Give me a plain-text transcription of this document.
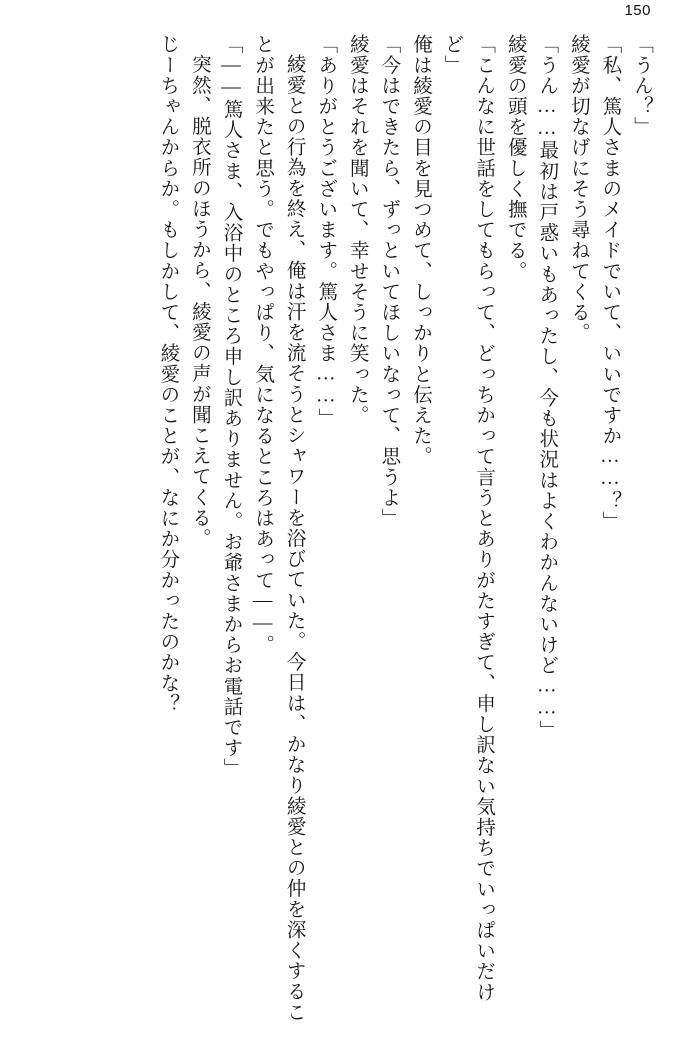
150

「うん？」

「私、篤人さまのメイドでいて、いいですか……？」

綾愛が切なげにそう尋ねてくる。

「うん……最初は戸惑いもあったし、今も状況はよくわかんないけど……」

綾愛の頭を優しく撫でる。

「こんなに世話をしてもらって、どっちかって言うとありがたすぎて、申し訳ない気持ちでいっぱいだけど」

俺は綾愛の目を見つめて、しっかりと伝えた。

「今はできたら、ずっといてほしいなって、思うよ」

綾愛はそれを聞いて、幸せそうに笑った。

「ありがとうございます。篤人さま……」

綾愛との行為を終え、俺は汗を流そうとシャワーを浴びていた。今日は、かなり綾愛との仲を深くすることが出来たと思う。でもやっぱり、気になるところはあって――。

「――篤人さま、入浴中のところ申し訳ありません。お爺さまからお電話です」

突然、脱衣所のほうから、綾愛の声が聞こえてくる。

じーちゃんからか。もしかして、綾愛のことが、なにか分かったのかな？
